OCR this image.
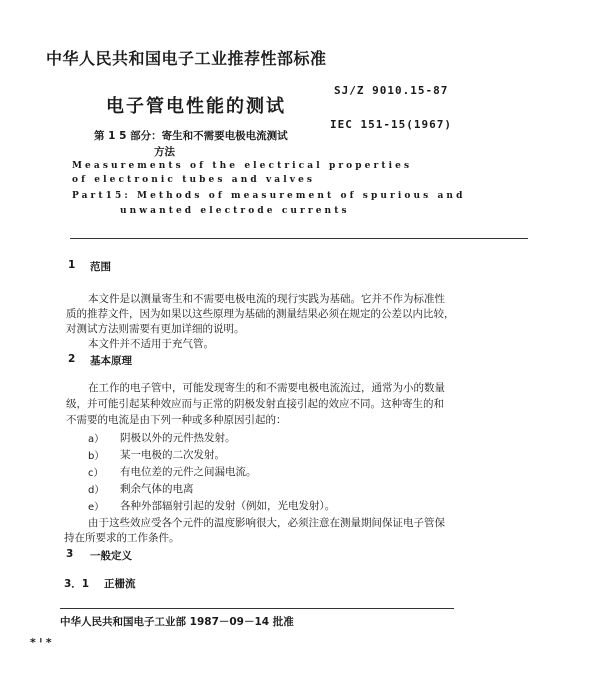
中华人民共和国电子工业推荐性部标准
电子管电性能的测试
SJ/Z 9010.15-87
IEC 151-15(1967)
第 1 5 部分：寄生和不需要电极电流测试
方法
Measurements of the electrical properties
of electronic tubes and valves
Part15: Methods of measurement of spurious and
unwanted electrode currents
1 范围
本文件是以测量寄生和不需要电极电流的现行实践为基础。它并不作为标准性
质的推荐文件，因为如果以这些原理为基础的测量结果必须在规定的公差以内比较，
对测试方法则需要有更加详细的说明。
本文件并不适用于充气管。
2 基本原理
在工作的电子管中，可能发现寄生的和不需要电极电流流过，通常为小的数量
级，并可能引起某种效应而与正常的阴极发射直接引起的效应不同。这种寄生的和
不需要的电流是由下列一种或多种原因引起的：
a） 阴极以外的元件热发射。
b） 某一电极的二次发射。
c） 有电位差的元件之间漏电流。
d） 剩余气体的电离
e） 各种外部辐射引起的发射（例如，光电发射）。
由于这些效应受各个元件的温度影响很大，必须注意在测量期间保证电子管保
持在所要求的工作条件。
3 一般定义
3．1 正栅流
中华人民共和国电子工业部 1987－09－14 批准
* ˡ *
